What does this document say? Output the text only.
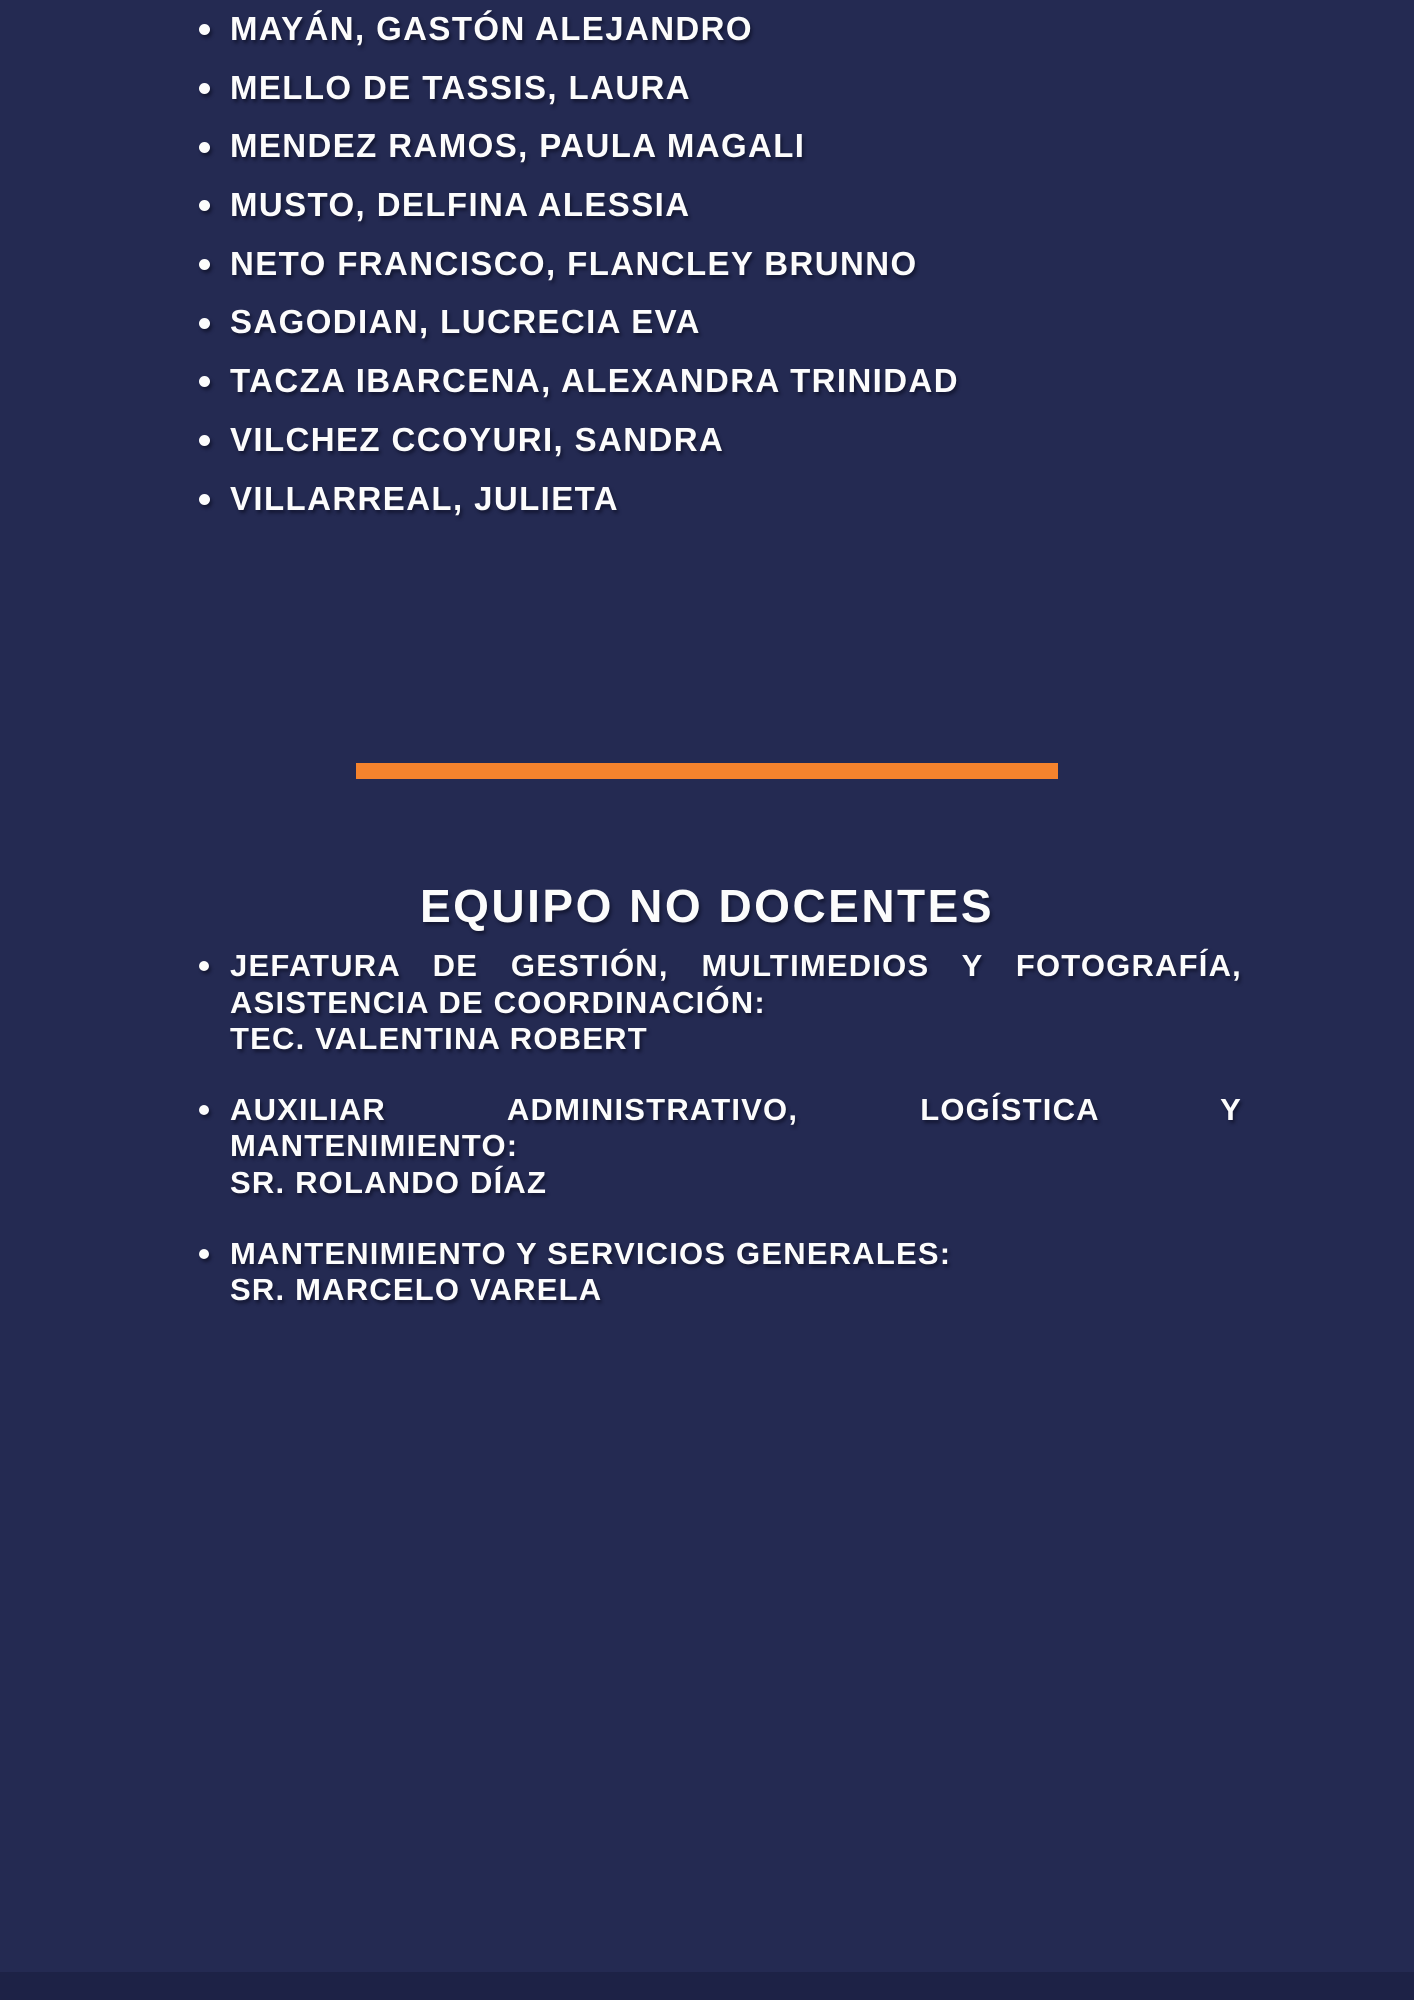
MAYÁN, GASTÓN ALEJANDRO
MELLO DE TASSIS, LAURA
MENDEZ RAMOS, PAULA MAGALI
MUSTO, DELFINA ALESSIA
NETO FRANCISCO, FLANCLEY BRUNNO
SAGODIAN, LUCRECIA EVA
TACZA IBARCENA, ALEXANDRA TRINIDAD
VILCHEZ CCOYURI, SANDRA
VILLARREAL, JULIETA
EQUIPO NO DOCENTES
JEFATURA DE GESTIÓN, MULTIMEDIOS Y FOTOGRAFÍA,
ASISTENCIA DE COORDINACIÓN:
TEC. VALENTINA ROBERT
AUXILIAR ADMINISTRATIVO, LOGÍSTICA Y
MANTENIMIENTO:
SR. ROLANDO DÍAZ
MANTENIMIENTO Y SERVICIOS GENERALES:
SR. MARCELO VARELA
